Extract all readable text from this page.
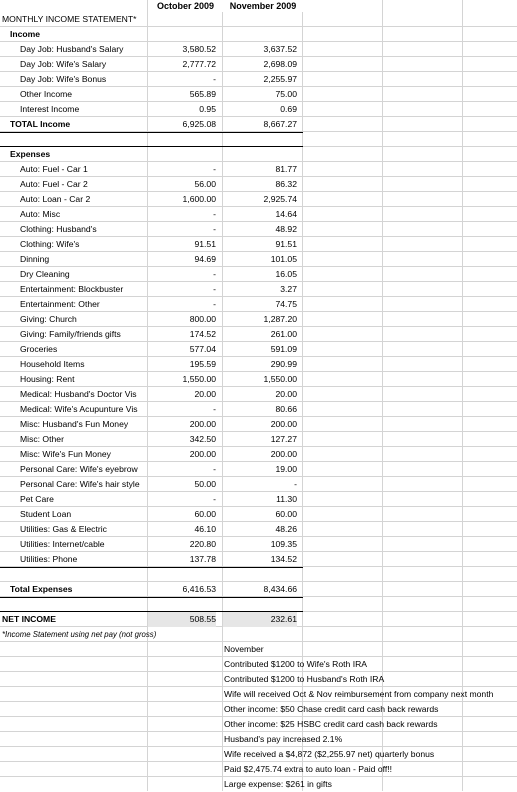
October 2009	November 2009
MONTHLY INCOME STATEMENT*
Income
Day Job: Husband's Salary	3,580.52	3,637.52
Day Job: Wife's Salary	2,777.72	2,698.09
Day Job: Wife's Bonus	-	2,255.97
Other Income	565.89	75.00
Interest Income	0.95	0.69
TOTAL Income	6,925.08	8,667.27
Expenses
Auto: Fuel - Car 1	-	81.77
Auto: Fuel - Car 2	56.00	86.32
Auto: Loan - Car 2	1,600.00	2,925.74
Auto: Misc	-	14.64
Clothing: Husband's	-	48.92
Clothing: Wife's	91.51	91.51
Dinning	94.69	101.05
Dry Cleaning	-	16.05
Entertainment: Blockbuster	-	3.27
Entertainment: Other	-	74.75
Giving: Church	800.00	1,287.20
Giving: Family/friends gifts	174.52	261.00
Groceries	577.04	591.09
Household Items	195.59	290.99
Housing: Rent	1,550.00	1,550.00
Medical: Husband's Doctor Vis	20.00	20.00
Medical: Wife's Acupunture Vis	-	80.66
Misc: Husband's Fun Money	200.00	200.00
Misc: Other	342.50	127.27
Misc: Wife's Fun Money	200.00	200.00
Personal Care: Wife's eyebrow	-	19.00
Personal Care: Wife's hair style	50.00	-
Pet Care	-	11.30
Student Loan	60.00	60.00
Utilities: Gas & Electric	46.10	48.26
Utilities: Internet/cable	220.80	109.35
Utilities: Phone	137.78	134.52
Total Expenses	6,416.53	8,434.66
NET INCOME	508.55	232.61
*Income Statement using net pay (not gross)
November
Contributed $1200 to Wife's Roth IRA
Contributed $1200 to Husband's Roth IRA
Wife will received Oct & Nov reimbursement from company next month
Other income: $50 Chase credit card cash back rewards
Other income: $25 HSBC credit card cash back rewards
Husband's pay increased 2.1%
Wife received a $4,872 ($2,255.97 net) quarterly bonus
Paid $2,475.74 extra to auto loan - Paid off!!
Large expense: $261 in gifts
